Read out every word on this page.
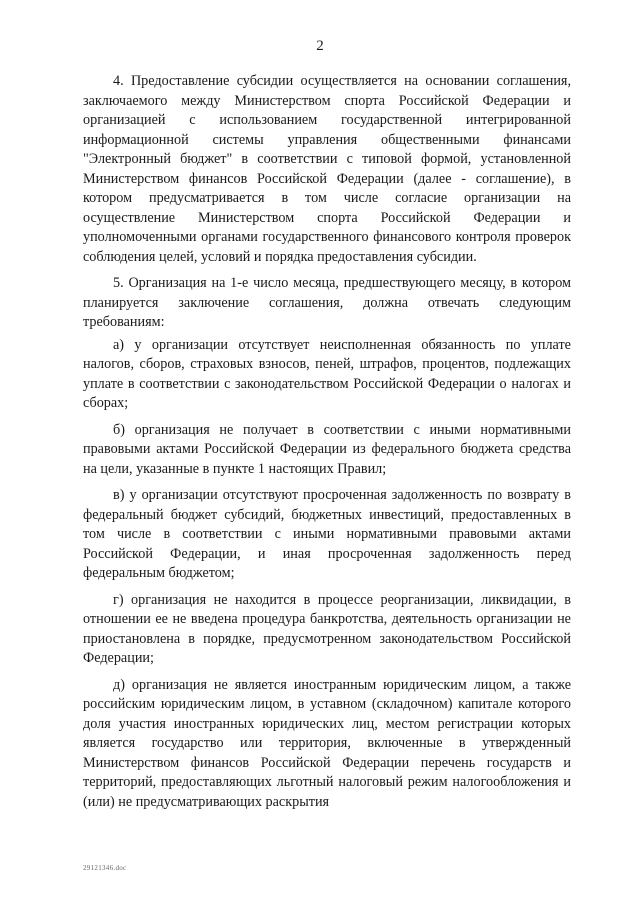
2

4. Предоставление субсидии осуществляется на основании соглашения, заключаемого между Министерством спорта Российской Федерации и организацией с использованием государственной интегрированной информационной системы управления общественными финансами "Электронный бюджет" в соответствии с типовой формой, установленной Министерством финансов Российской Федерации (далее - соглашение), в котором предусматривается в том числе согласие организации на осуществление Министерством спорта Российской Федерации и уполномоченными органами государственного финансового контроля проверок соблюдения целей, условий и порядка предоставления субсидии.

5. Организация на 1-е число месяца, предшествующего месяцу, в котором планируется заключение соглашения, должна отвечать следующим требованиям:

а) у организации отсутствует неисполненная обязанность по уплате налогов, сборов, страховых взносов, пеней, штрафов, процентов, подлежащих уплате в соответствии с законодательством Российской Федерации о налогах и сборах;

б) организация не получает в соответствии с иными нормативными правовыми актами Российской Федерации из федерального бюджета средства на цели, указанные в пункте 1 настоящих Правил;

в) у организации отсутствуют просроченная задолженность по возврату в федеральный бюджет субсидий, бюджетных инвестиций, предоставленных в том числе в соответствии с иными нормативными правовыми актами Российской Федерации, и иная просроченная задолженность перед федеральным бюджетом;

г) организация не находится в процессе реорганизации, ликвидации, в отношении ее не введена процедура банкротства, деятельность организации не приостановлена в порядке, предусмотренном законодательством Российской Федерации;

д) организация не является иностранным юридическим лицом, а также российским юридическим лицом, в уставном (складочном) капитале которого доля участия иностранных юридических лиц, местом регистрации которых является государство или территория, включенные в утвержденный Министерством финансов Российской Федерации перечень государств и территорий, предоставляющих льготный налоговый режим налогообложения и (или) не предусматривающих раскрытия

29121346.doc
